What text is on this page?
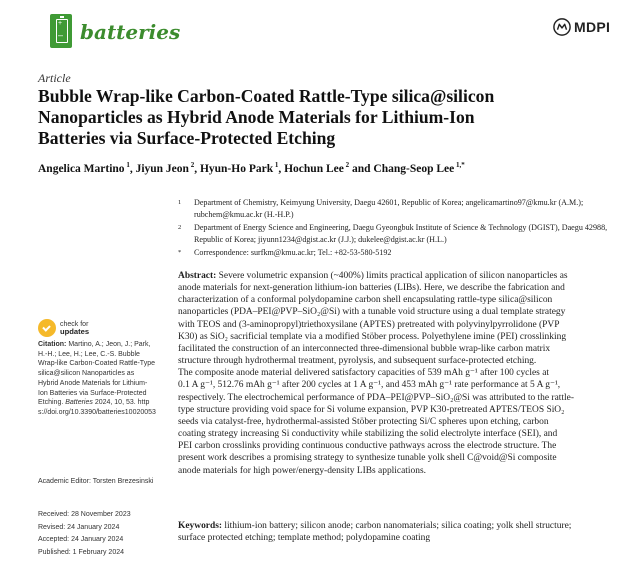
+
– batteries	MDPI
Article
Bubble Wrap-like Carbon-Coated Rattle-Type silica@silicon
Nanoparticles as Hybrid Anode Materials for Lithium-Ion
Batteries via Surface-Protected Etching
Angelica Martino $^1$, Jiyun Jeon $^2$, Hyun-Ho Park $^1$, Hochun Lee $^2$ and Chang-Seop Lee $^{1,*}$
1 Department of Chemistry, Keimyung University, Daegu 42601, Republic of Korea; angelicamartino97@kmu.kr (A.M.); rubchem@kmu.ac.kr (H.-H.P.)
2 Department of Energy Science and Engineering, Daegu Gyeongbuk Institute of Science & Technology (DGIST), Daegu 42988, Republic of Korea; jiyunn1234@dgist.ac.kr (J.J.); dukelee@dgist.ac.kr (H.L.)
* Correspondence: surfkm@kmu.ac.kr; Tel.: +82-53-580-5192
check for
updates
Citation: Martino, A.; Jeon, J.; Park, H.-H.; Lee, H.; Lee, C.-S. Bubble Wrap-like Carbon-Coated Rattle-Type silica@silicon Nanoparticles as Hybrid Anode Materials for Lithium-Ion Batteries via Surface-Protected Etching. Batteries 2024, 10, 53. https://doi.org/10.3390/batteries10020053
Academic Editor: Torsten Brezesinski
Received: 28 November 2023
Revised: 24 January 2024
Accepted: 24 January 2024
Published: 1 February 2024
Abstract: Severe volumetric expansion (~400%) limits practical application of silicon nanoparticles as
anode materials for next-generation lithium-ion batteries (LIBs). Here, we describe the fabrication and
characterization of a conformal polydopamine carbon shell encapsulating rattle-type silica@silicon
nanoparticles (PDA–PEI@PVP–SiO₂@Si) with a tunable void structure using a dual template strategy
with TEOS and (3-aminopropyl)triethoxysilane (APTES) pretreated with polyvinylpyrrolidone (PVP
K30) as SiO₂ sacrificial template via a modified Stöber process. Polyethylene imine (PEI) crosslinking
facilitated the construction of an interconnected three-dimensional bubble wrap-like carbon matrix
structure through hydrothermal treatment, pyrolysis, and subsequent surface-protected etching.
The composite anode material delivered satisfactory capacities of 539 mAh g⁻¹ after 100 cycles at
0.1 A g⁻¹, 512.76 mAh g⁻¹ after 200 cycles at 1 A g⁻¹, and 453 mAh g⁻¹ rate performance at 5 A g⁻¹,
respectively. The electrochemical performance of PDA–PEI@PVP–SiO₂@Si was attributed to the rattle-
type structure providing void space for Si volume expansion, PVP K30-pretreated APTES/TEOS SiO₂
seeds via catalyst-free, hydrothermal-assisted Stöber protecting Si/C spheres upon etching, carbon
coating strategy increasing Si conductivity while stabilizing the solid electrolyte interface (SEI), and
PEI carbon crosslinks providing continuous conductive pathways across the electrode structure. The
present work describes a promising strategy to synthesize tunable yolk shell C@void@Si composite
anode materials for high power/energy-density LIBs applications.
Keywords: lithium-ion battery; silicon anode; carbon nanomaterials; silica coating; yolk shell structure;
surface protected etching; template method; polydopamine coating
